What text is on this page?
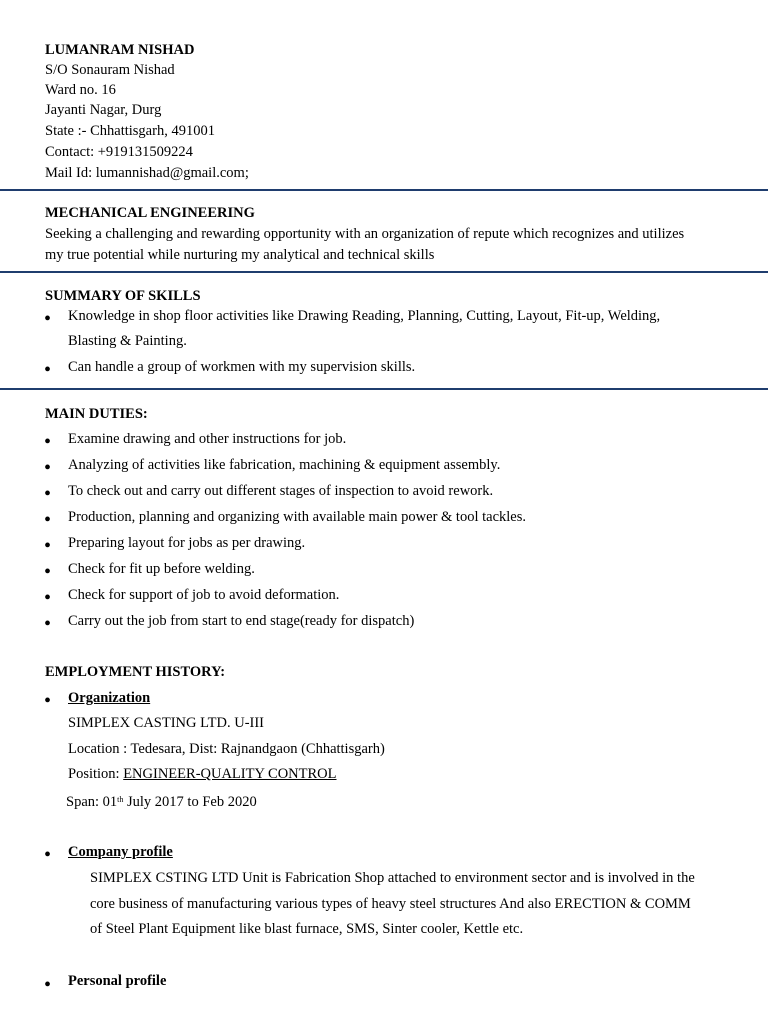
LUMANRAM NISHAD
S/O Sonauram Nishad
Ward no. 16
Jayanti Nagar, Durg
State :- Chhattisgarh, 491001
Contact: +919131509224
Mail Id: lumannishad@gmail.com;
MECHANICAL ENGINEERING
Seeking a challenging and rewarding opportunity with an organization of repute which recognizes and utilizes
my true potential while nurturing my analytical and technical skills
SUMMARY OF SKILLS
• Knowledge in shop floor activities like Drawing Reading, Planning, Cutting, Layout, Fit-up, Welding,
Blasting & Painting.
• Can handle a group of workmen with my supervision skills.
MAIN DUTIES:
• Examine drawing and other instructions for job.
• Analyzing of activities like fabrication, machining & equipment assembly.
• To check out and carry out different stages of inspection to avoid rework.
• Production, planning and organizing with available main power & tool tackles.
• Preparing layout for jobs as per drawing.
• Check for fit up before welding.
• Check for support of job to avoid deformation.
• Carry out the job from start to end stage(ready for dispatch)
EMPLOYMENT HISTORY:
• Organization
SIMPLEX CASTING LTD. U-III
Location : Tedesara, Dist: Rajnandgaon (Chhattisgarh)
Position: ENGINEER-QUALITY CONTROL
Span: 01th July 2017 to Feb 2020
• Company profile
SIMPLEX CSTING LTD Unit is Fabrication Shop attached to environment sector and is involved in the
core business of manufacturing various types of heavy steel structures And also ERECTION & COMM
of Steel Plant Equipment like blast furnace, SMS, Sinter cooler, Kettle etc.
• Personal profile
